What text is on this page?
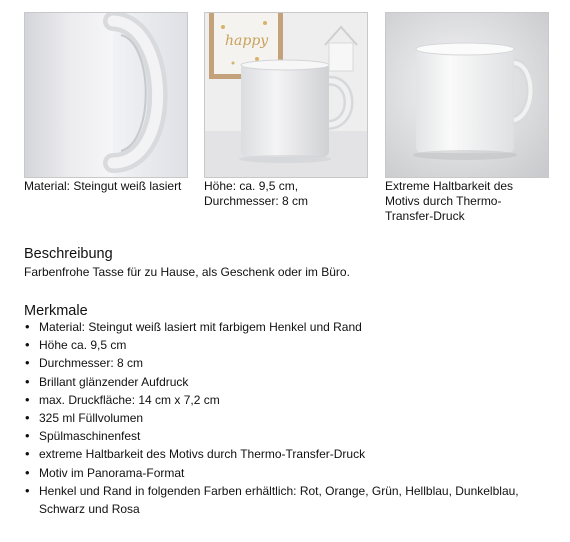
Material: Steingut weiß lasiert
happy
Höhe: ca. 9,5 cm,
Durchmesser: 8 cm
Extreme Haltbarkeit des
Motivs durch Thermo-
Transfer-Druck
Beschreibung
Farbenfrohe Tasse für zu Hause, als Geschenk oder im Büro.
Merkmale
• Material: Steingut weiß lasiert mit farbigem Henkel und Rand
• Höhe ca. 9,5 cm
• Durchmesser: 8 cm
• Brillant glänzender Aufdruck
• max. Druckfläche: 14 cm x 7,2 cm
• 325 ml Füllvolumen
• Spülmaschinenfest
• extreme Haltbarkeit des Motivs durch Thermo-Transfer-Druck
• Motiv im Panorama-Format
• Henkel und Rand in folgenden Farben erhältlich: Rot, Orange, Grün, Hellblau, Dunkelblau, Schwarz und Rosa
